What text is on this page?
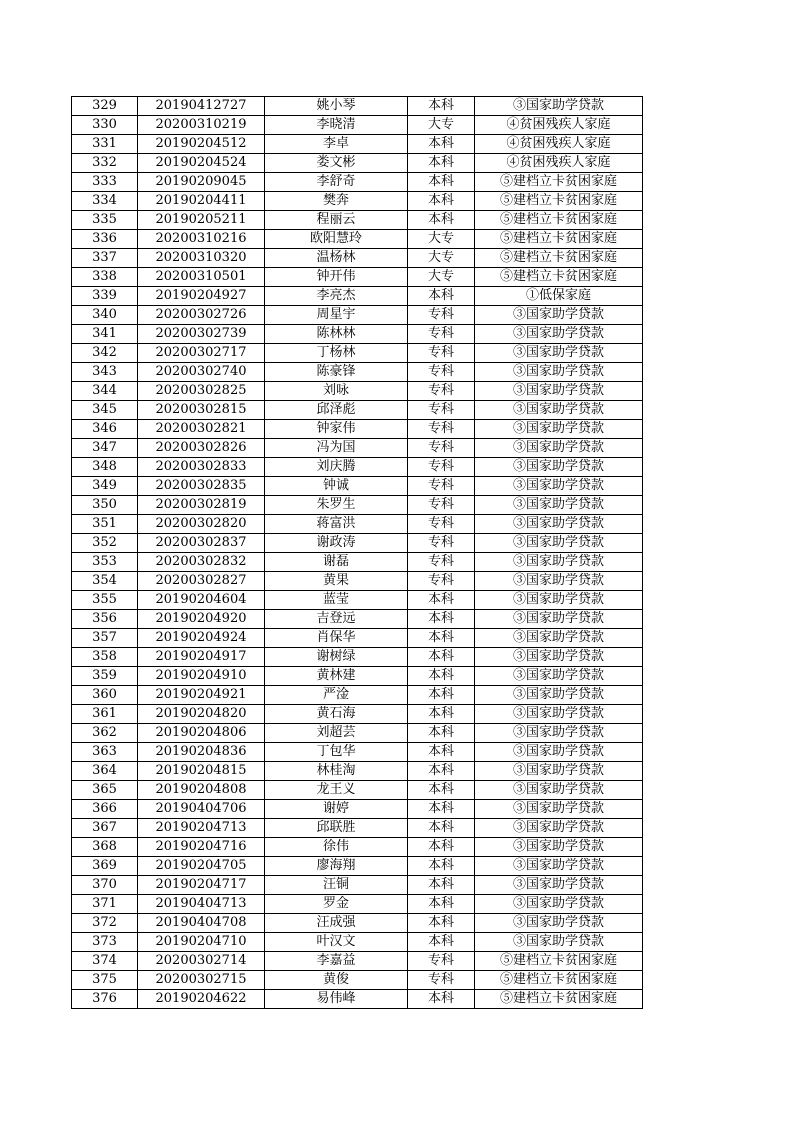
329	20190412727	姚小琴	本科	③国家助学贷款
330	20200310219	李晓清	大专	④贫困残疾人家庭
331	20190204512	李卓	本科	④贫困残疾人家庭
332	20190204524	娄文彬	本科	④贫困残疾人家庭
333	20190209045	李舒奇	本科	⑤建档立卡贫困家庭
334	20190204411	樊奔	本科	⑤建档立卡贫困家庭
335	20190205211	程丽云	本科	⑤建档立卡贫困家庭
336	20200310216	欧阳慧玲	大专	⑤建档立卡贫困家庭
337	20200310320	温杨林	大专	⑤建档立卡贫困家庭
338	20200310501	钟开伟	大专	⑤建档立卡贫困家庭
339	20190204927	李亮杰	本科	①低保家庭
340	20200302726	周星宇	专科	③国家助学贷款
341	20200302739	陈林林	专科	③国家助学贷款
342	20200302717	丁杨林	专科	③国家助学贷款
343	20200302740	陈豪锋	专科	③国家助学贷款
344	20200302825	刘咏	专科	③国家助学贷款
345	20200302815	邱泽彪	专科	③国家助学贷款
346	20200302821	钟家伟	专科	③国家助学贷款
347	20200302826	冯为国	专科	③国家助学贷款
348	20200302833	刘庆腾	专科	③国家助学贷款
349	20200302835	钟诚	专科	③国家助学贷款
350	20200302819	朱罗生	专科	③国家助学贷款
351	20200302820	蒋富洪	专科	③国家助学贷款
352	20200302837	谢政涛	专科	③国家助学贷款
353	20200302832	谢磊	专科	③国家助学贷款
354	20200302827	黄果	专科	③国家助学贷款
355	20190204604	蓝莹	本科	③国家助学贷款
356	20190204920	吉登远	本科	③国家助学贷款
357	20190204924	肖保华	本科	③国家助学贷款
358	20190204917	谢树绿	本科	③国家助学贷款
359	20190204910	黄林建	本科	③国家助学贷款
360	20190204921	严淦	本科	③国家助学贷款
361	20190204820	黄石海	本科	③国家助学贷款
362	20190204806	刘超芸	本科	③国家助学贷款
363	20190204836	丁包华	本科	③国家助学贷款
364	20190204815	林桂淘	本科	③国家助学贷款
365	20190204808	龙王义	本科	③国家助学贷款
366	20190404706	谢婷	本科	③国家助学贷款
367	20190204713	邱联胜	本科	③国家助学贷款
368	20190204716	徐伟	本科	③国家助学贷款
369	20190204705	廖海翔	本科	③国家助学贷款
370	20190204717	汪铜	本科	③国家助学贷款
371	20190404713	罗金	本科	③国家助学贷款
372	20190404708	汪成强	本科	③国家助学贷款
373	20190204710	叶汉文	本科	③国家助学贷款
374	20200302714	李嘉益	专科	⑤建档立卡贫困家庭
375	20200302715	黄俊	专科	⑤建档立卡贫困家庭
376	20190204622	易伟峰	本科	⑤建档立卡贫困家庭
